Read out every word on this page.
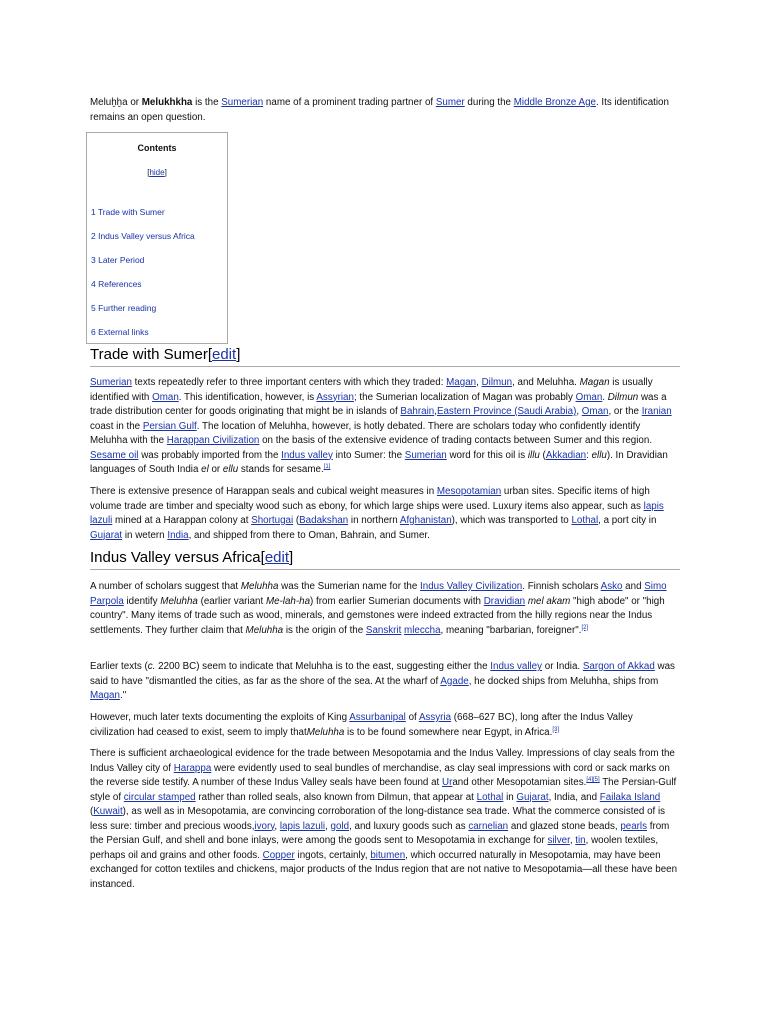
Meluḫḫa or Melukhkha is the Sumerian name of a prominent trading partner of Sumer during the Middle Bronze Age. Its identification remains an open question.

Contents
[hide]
1 Trade with Sumer
2 Indus Valley versus Africa
3 Later Period
4 References
5 Further reading
6 External links
Trade with Sumer[edit]

Sumerian texts repeatedly refer to three important centers with which they traded: Magan, Dilmun, and Meluhha. Magan is usually identified with Oman. This identification, however, is Assyrian; the Sumerian localization of Magan was probably Oman. Dilmun was a trade distribution center for goods originating that might be in islands of Bahrain,Eastern Province (Saudi Arabia), Oman, or the Iranian coast in the Persian Gulf. The location of Meluhha, however, is hotly debated. There are scholars today who confidently identify Meluhha with the Harappan Civilization on the basis of the extensive evidence of trading contacts between Sumer and this region. Sesame oil was probably imported from the Indus valley into Sumer: the Sumerian word for this oil is illu (Akkadian: ellu). In Dravidian languages of South India el or ellu stands for sesame.[1]

There is extensive presence of Harappan seals and cubical weight measures in Mesopotamian urban sites. Specific items of high volume trade are timber and specialty wood such as ebony, for which large ships were used. Luxury items also appear, such as lapis lazuli mined at a Harappan colony at Shortugai (Badakshan in northern Afghanistan), which was transported to Lothal, a port city in Gujarat in wetern India, and shipped from there to Oman, Bahrain, and Sumer.

Indus Valley versus Africa[edit]

A number of scholars suggest that Meluhha was the Sumerian name for the Indus Valley Civilization. Finnish scholars Asko and Simo Parpola identify Meluhha (earlier variant Me-lah-ha) from earlier Sumerian documents with Dravidian mel akam "high abode" or "high country". Many items of trade such as wood, minerals, and gemstones were indeed extracted from the hilly regions near the Indus settlements. They further claim that Meluhha is the origin of the Sanskrit mleccha, meaning "barbarian, foreigner".[2]

Earlier texts (c. 2200 BC) seem to indicate that Meluhha is to the east, suggesting either the Indus valley or India. Sargon of Akkad was said to have "dismantled the cities, as far as the shore of the sea. At the wharf of Agade, he docked ships from Meluhha, ships from Magan."

However, much later texts documenting the exploits of King Assurbanipal of Assyria (668–627 BC), long after the Indus Valley civilization had ceased to exist, seem to imply thatMeluhha is to be found somewhere near Egypt, in Africa.[3]

There is sufficient archaeological evidence for the trade between Mesopotamia and the Indus Valley. Impressions of clay seals from the Indus Valley city of Harappa were evidently used to seal bundles of merchandise, as clay seal impressions with cord or sack marks on the reverse side testify. A number of these Indus Valley seals have been found at Urand other Mesopotamian sites.[4][5] The Persian-Gulf style of circular stamped rather than rolled seals, also known from Dilmun, that appear at Lothal in Gujarat, India, and Failaka Island (Kuwait), as well as in Mesopotamia, are convincing corroboration of the long-distance sea trade. What the commerce consisted of is less sure: timber and precious woods,ivory, lapis lazuli, gold, and luxury goods such as carnelian and glazed stone beads, pearls from the Persian Gulf, and shell and bone inlays, were among the goods sent to Mesopotamia in exchange for silver, tin, woolen textiles, perhaps oil and grains and other foods. Copper ingots, certainly, bitumen, which occurred naturally in Mesopotamia, may have been exchanged for cotton textiles and chickens, major products of the Indus region that are not native to Mesopotamia—all these have been instanced.
